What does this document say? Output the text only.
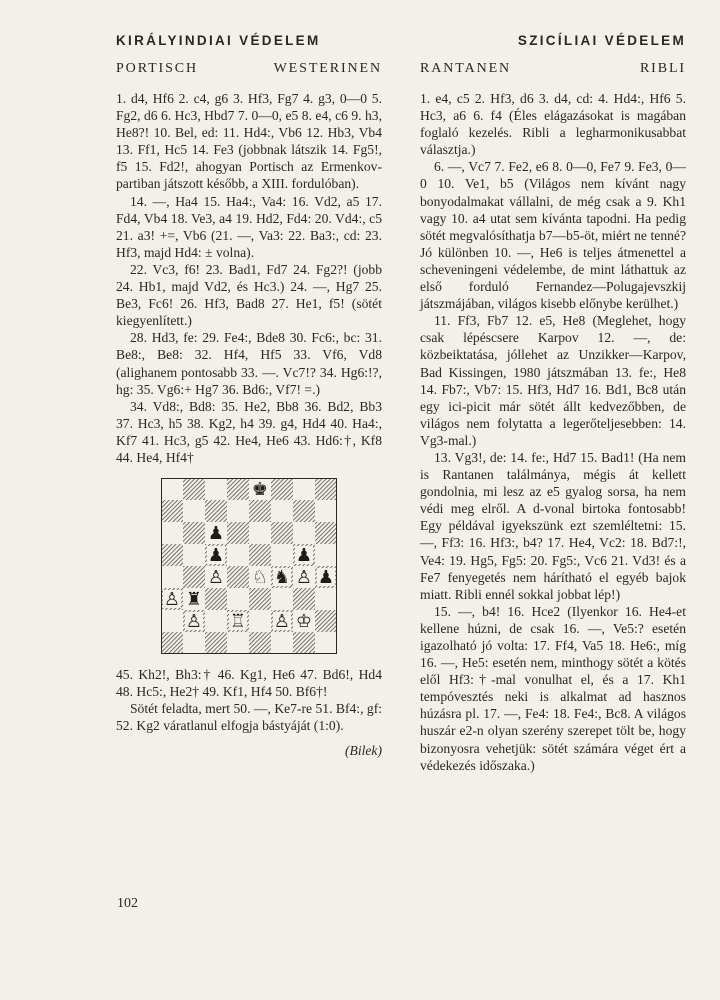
KIRÁLYINDIAI VÉDELEM
PORTISCH	WESTERINEN

1. d4, Hf6 2. c4, g6 3. Hf3, Fg7 4. g3, 0—0 5. Fg2, d6 6. Hc3, Hbd7 7. 0—0, e5 8. e4, c6 9. h3, He8?! 10. Bel, ed: 11. Hd4:, Vb6 12. Hb3, Vb4 13. Ff1, Hc5 14. Fe3 (jobbnak látszik 14. Fg5!, f5 15. Fd2!, ahogyan Portisch az Ermenkov-partiban játszott később, a XIII. fordulóban).

14. —, Ha4 15. Ha4:, Va4: 16. Vd2, a5 17. Fd4, Vb4 18. Ve3, a4 19. Hd2, Fd4: 20. Vd4:, c5 21. a3! +=, Vb6 (21. —, Va3: 22. Ba3:, cd: 23. Hf3, majd Hd4: ± volna).

22. Vc3, f6! 23. Bad1, Fd7 24. Fg2?! (jobb 24. Hb1, majd Vd2, és Hc3.) 24. —, Hg7 25. Be3, Fc6! 26. Hf3, Bad8 27. He1, f5! (sötét kiegyenlített.)

28. Hd3, fe: 29. Fe4:, Bde8 30. Fc6:, bc: 31. Be8:, Be8: 32. Hf4, Hf5 33. Vf6, Vd8 (alighanem pontosabb 33. —. Vc7!? 34. Hg6:!?, hg: 35. Vg6:+ Hg7 36. Bd6:, Vf7! =.)

34. Vd8:, Bd8: 35. He2, Bb8 36. Bd2, Bb3 37. Hc3, h5 38. Kg2, h4 39. g4, Hd4 40. Ha4:, Kf7 41. Hc3, g5 42. He4, He6 43. Hd6:†, Kf8 44. He4, Hf4†

♚
♟
♟	♟
♙ ♘ ♞ ♙ ♟
♙ ♜
♙ ♖ ♙ ♔

45. Kh2!, Bh3:† 46. Kg1, He6 47. Bd6!, Hd4 48. Hc5:, He2† 49. Kf1, Hf4 50. Bf6†!

Sötét feladta, mert 50. —, Ke7-re 51. Bf4:, gf: 52. Kg2 váratlanul elfogja bástyáját (1:0).

(Bilek)
SZICÍLIAI VÉDELEM
RANTANEN	RIBLI

1. e4, c5 2. Hf3, d6 3. d4, cd: 4. Hd4:, Hf6 5. Hc3, a6 6. f4 (Éles elágazásokat is magában foglaló kezelés. Ribli a legharmonikusabbat választja.)

6. —, Vc7 7. Fe2, e6 8. 0—0, Fe7 9. Fe3, 0—0 10. Ve1, b5 (Világos nem kívánt nagy bonyodalmakat vállalni, de még csak a 9. Kh1 vagy 10. a4 utat sem kívánta tapodni. Ha pedig sötét megvalósíthatja b7—b5-öt, miért ne tenné? Jó különben 10. —, He6 is teljes átmenettel a scheveningeni védelembe, de mint láthattuk az első forduló Fernandez—Polugajevszkij játszmájában, világos kisebb előnybe kerülhet.)

11. Ff3, Fb7 12. e5, He8 (Meglehet, hogy csak lépéscsere Karpov 12. —, de: közbeiktatása, jóllehet az Unzikker—Karpov, Bad Kissingen, 1980 játszmában 13. fe:, He8 14. Fb7:, Vb7: 15. Hf3, Hd7 16. Bd1, Bc8 után egy ici-picit már sötét állt kedvezőbben, de világos nem folytatta a legerőteljesebben: 14. Vg3-mal.)

13. Vg3!, de: 14. fe:, Hd7 15. Bad1! (Ha nem is Rantanen találmánya, mégis át kellett gondolnia, mi lesz az e5 gyalog sorsa, ha nem védi meg elről. A d-vonal birtoka fontosabb! Egy példával igyekszünk ezt szemléltetni: 15. —, Ff3: 16. Hf3:, b4? 17. He4, Vc2: 18. Bd7:!, Ve4: 19. Hg5, Fg5: 20. Fg5:, Vc6 21. Vd3! és a Fe7 fenyegetés nem hárítható el egyéb bajok miatt. Ribli ennél sokkal jobbat lép!)

15. —, b4! 16. Hce2 (Ilyenkor 16. He4-et kellene húzni, de csak 16. —, Ve5:? esetén igazolható jó volta: 17. Ff4, Va5 18. He6:, míg 16. —, He5: esetén nem, minthogy sötét a kötés elől Hf3:†-mal vonulhat el, és a 17. Kh1 tempóvesztés neki is alkalmat ad hasznos húzásra pl. 17. —, Fe4: 18. Fe4:, Bc8. A világos huszár e2-n olyan szerény szerepet tölt be, hogy bizonyosra vehetjük: sötét számára véget ért a védekezés időszaka.)

102
